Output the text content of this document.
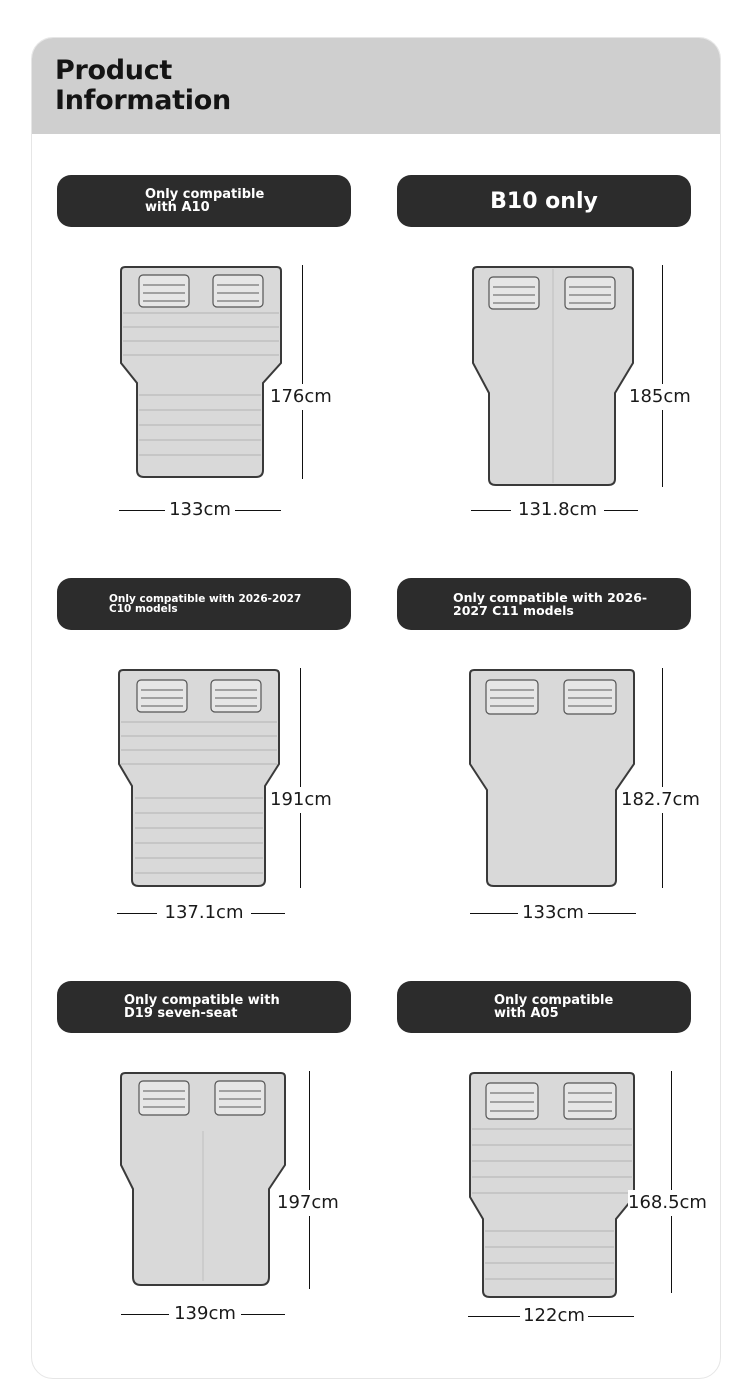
Product
Information
Only compatible
with A10
176cm
133cm
B10 only
185cm
131.8cm
Only compatible with 2026-2027
C10 models
191cm
137.1cm
Only compatible with 2026-
2027 C11 models
182.7cm
133cm
Only compatible with
D19 seven-seat
197cm
139cm
Only compatible
with A05
168.5cm
122cm
